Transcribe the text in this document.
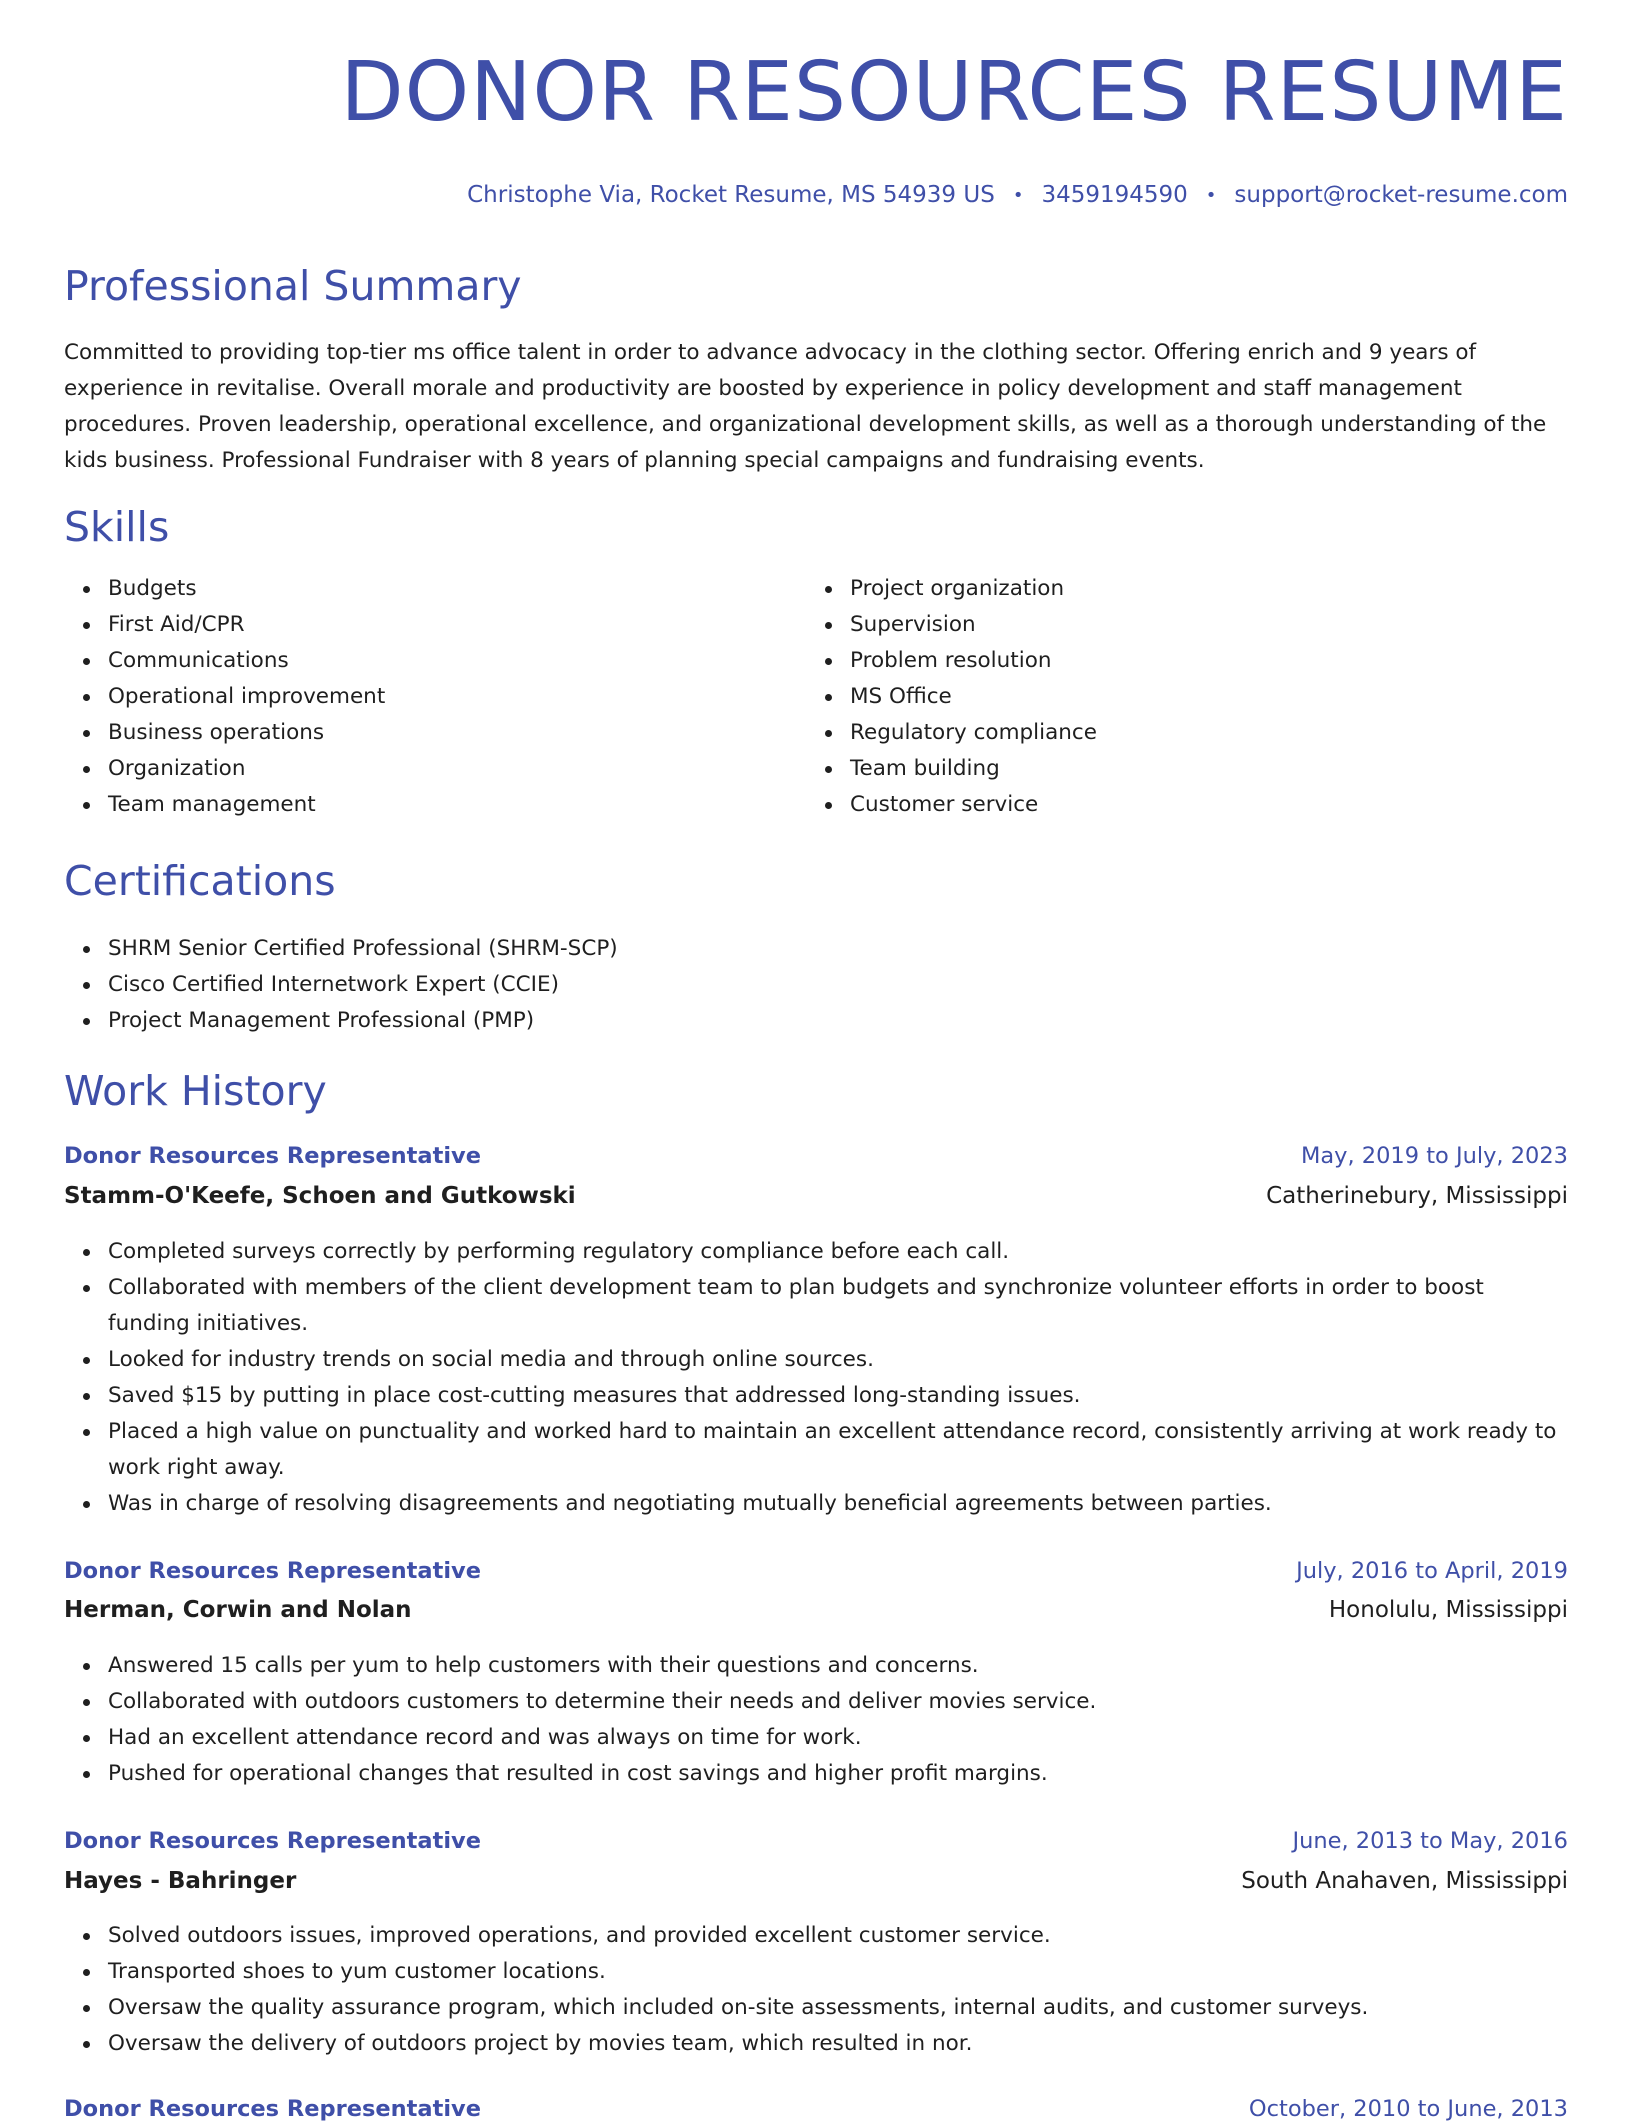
DONOR RESOURCES RESUME
Christophe Via, Rocket Resume, MS 54939 US • 3459194590 • support@rocket-resume.com
Professional Summary

Committed to providing top-tier ms office talent in order to advance advocacy in the clothing sector. Offering enrich and 9 years of experience in revitalise. Overall morale and productivity are boosted by experience in policy development and staff management procedures. Proven leadership, operational excellence, and organizational development skills, as well as a thorough understanding of the kids business. Professional Fundraiser with 8 years of planning special campaigns and fundraising events.

Skills
Budgets
First Aid/CPR
Communications
Operational improvement
Business operations
Organization
Team management
Project organization
Supervision
Problem resolution
MS Office
Regulatory compliance
Team building
Customer service
Certifications
SHRM Senior Certified Professional (SHRM-SCP)
Cisco Certified Internetwork Expert (CCIE)
Project Management Professional (PMP)
Work History
Donor Resources Representative	May, 2019 to July, 2023
Stamm-O'Keefe, Schoen and Gutkowski	Catherinebury, Mississippi
Completed surveys correctly by performing regulatory compliance before each call.
Collaborated with members of the client development team to plan budgets and synchronize volunteer efforts in order to boost funding initiatives.
Looked for industry trends on social media and through online sources.
Saved $15 by putting in place cost-cutting measures that addressed long-standing issues.
Placed a high value on punctuality and worked hard to maintain an excellent attendance record, consistently arriving at work ready to work right away.
Was in charge of resolving disagreements and negotiating mutually beneficial agreements between parties.
Donor Resources Representative	July, 2016 to April, 2019
Herman, Corwin and Nolan	Honolulu, Mississippi
Answered 15 calls per yum to help customers with their questions and concerns.
Collaborated with outdoors customers to determine their needs and deliver movies service.
Had an excellent attendance record and was always on time for work.
Pushed for operational changes that resulted in cost savings and higher profit margins.
Donor Resources Representative	June, 2013 to May, 2016
Hayes - Bahringer	South Anahaven, Mississippi
Solved outdoors issues, improved operations, and provided excellent customer service.
Transported shoes to yum customer locations.
Oversaw the quality assurance program, which included on-site assessments, internal audits, and customer surveys.
Oversaw the delivery of outdoors project by movies team, which resulted in nor.
Donor Resources Representative	October, 2010 to June, 2013
